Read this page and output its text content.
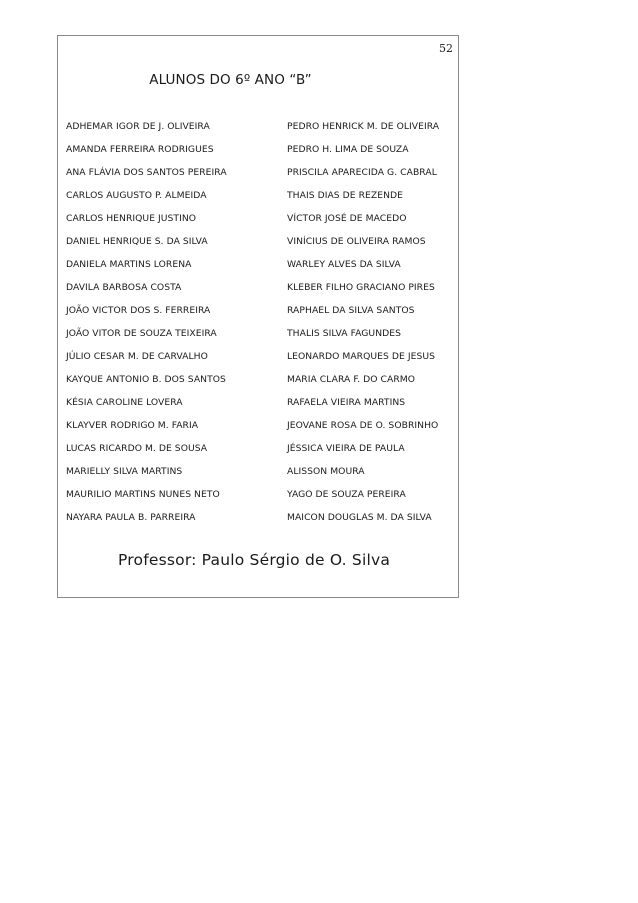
52
ALUNOS DO 6º ANO “B”
ADHEMAR IGOR DE J. OLIVEIRA	PEDRO HENRICK M. DE OLIVEIRA
AMANDA FERREIRA RODRIGUES	PEDRO H. LIMA DE SOUZA
ANA FLÁVIA DOS SANTOS PEREIRA	PRISCILA APARECIDA G. CABRAL
CARLOS AUGUSTO P. ALMEIDA	THAIS DIAS DE REZENDE
CARLOS HENRIQUE JUSTINO	VÍCTOR JOSÉ DE MACEDO
DANIEL HENRIQUE S. DA SILVA	VINÍCIUS DE OLIVEIRA RAMOS
DANIELA MARTINS LORENA	WARLEY ALVES DA SILVA
DAVILA BARBOSA COSTA	KLEBER FILHO GRACIANO PIRES
JOÃO VICTOR DOS S. FERREIRA	RAPHAEL DA SILVA SANTOS
JOÃO VITOR DE SOUZA TEIXEIRA	THALIS SILVA FAGUNDES
JÚLIO CESAR M. DE CARVALHO	LEONARDO MARQUES DE JESUS
KAYQUE ANTONIO B. DOS SANTOS	MARIA CLARA F. DO CARMO
KÉSIA CAROLINE LOVERA	RAFAELA VIEIRA MARTINS
KLAYVER RODRIGO M. FARIA	JEOVANE ROSA DE O. SOBRINHO
LUCAS RICARDO M. DE SOUSA	JÉSSICA VIEIRA DE PAULA
MARIELLY SILVA MARTINS	ALISSON MOURA
MAURILIO MARTINS NUNES NETO	YAGO DE SOUZA PEREIRA
NAYARA PAULA B. PARREIRA	MAICON DOUGLAS M. DA SILVA
Professor: Paulo Sérgio de O. Silva
